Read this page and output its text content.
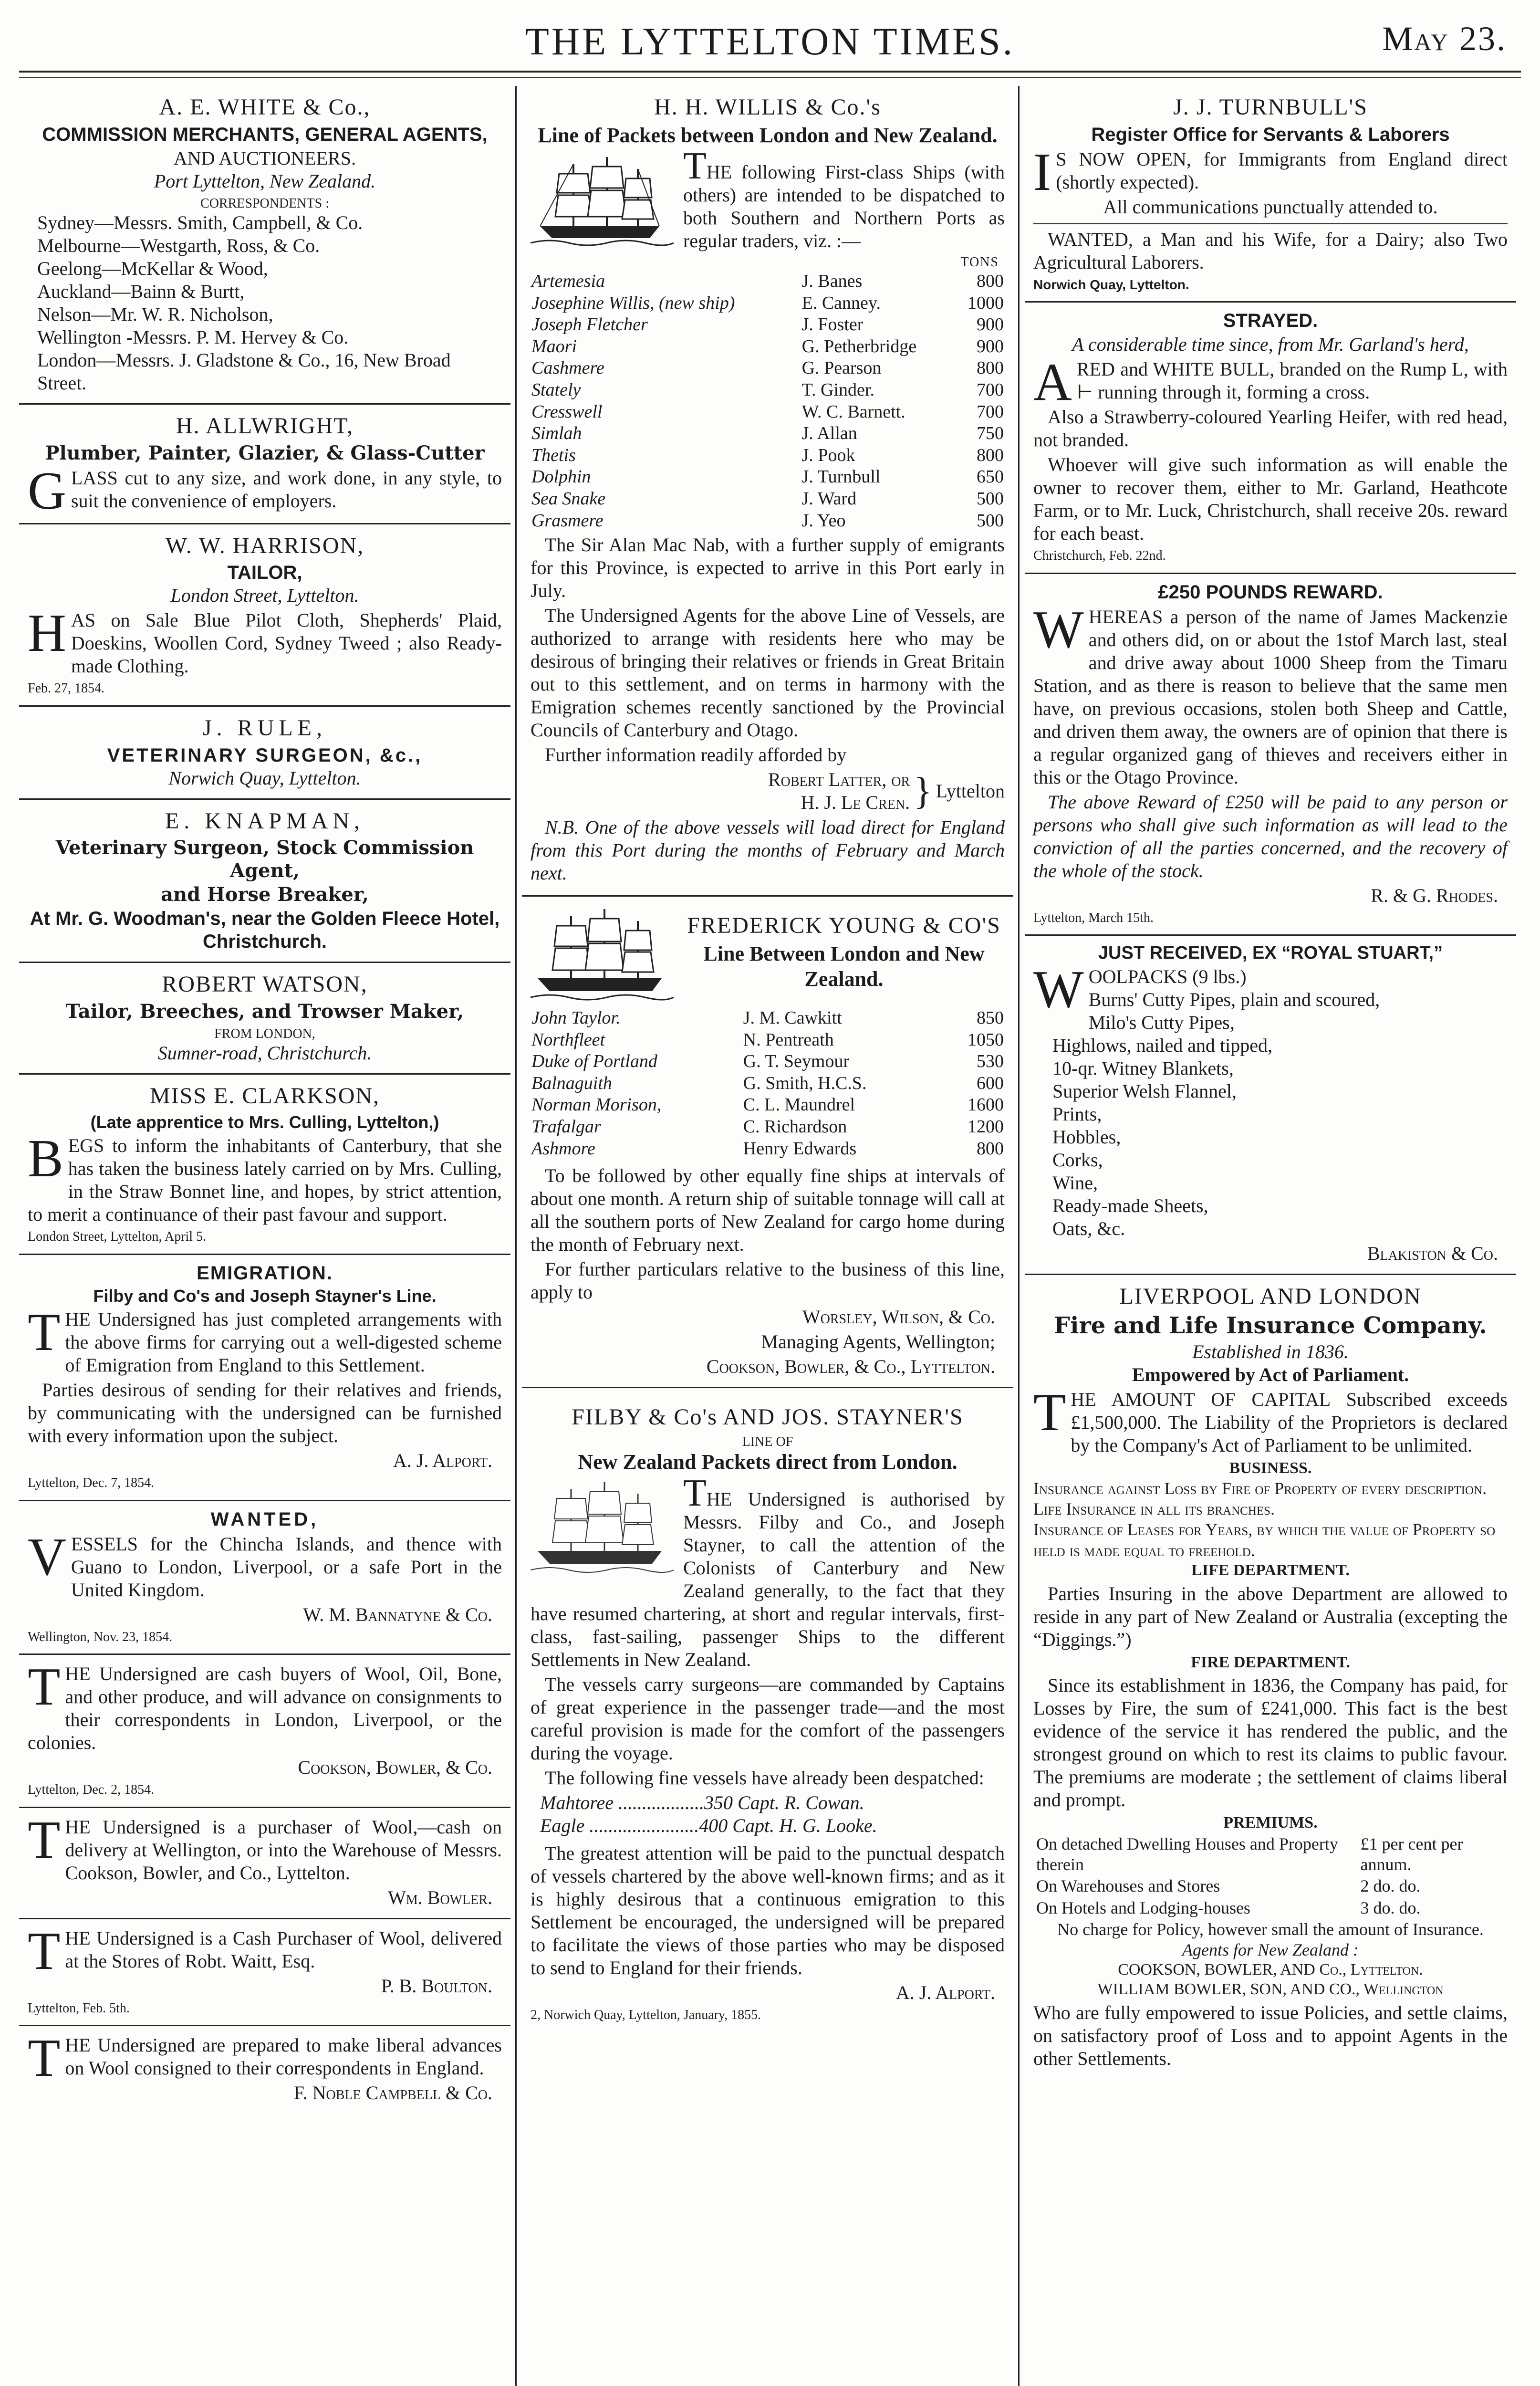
THE LYTTELTON TIMES.	May 23.
A. E. WHITE & Co.,
COMMISSION MERCHANTS, GENERAL AGENTS,
AND AUCTIONEERS.
Port Lyttelton, New Zealand.
CORRESPONDENTS :
Sydney—Messrs. Smith, Campbell, & Co.
Melbourne—Westgarth, Ross, & Co.
Geelong—McKellar & Wood,
Auckland—Bainn & Burtt,
Nelson—Mr. W. R. Nicholson,
Wellington -Messrs. P. M. Hervey & Co.
London—Messrs. J. Gladstone & Co., 16, New Broad Street.
H. ALLWRIGHT,
Plumber, Painter, Glazier, & Glass-Cutter
GLASS cut to any size, and work done, in any style, to suit the convenience of employers.
W. W. HARRISON,
TAILOR,
London Street, Lyttelton.
HAS on Sale Blue Pilot Cloth, Shepherds' Plaid, Doeskins, Woollen Cord, Sydney Tweed ; also Ready-made Clothing.
Feb. 27, 1854.
J. RULE,
VETERINARY SURGEON, &c.,
Norwich Quay, Lyttelton.
E. KNAPMAN,
Veterinary Surgeon, Stock Commission Agent,
and Horse Breaker,
At Mr. G. Woodman's, near the Golden Fleece Hotel, Christchurch.
ROBERT WATSON,
Tailor, Breeches, and Trowser Maker,
FROM LONDON,
Sumner-road, Christchurch.
MISS E. CLARKSON,
(Late apprentice to Mrs. Culling, Lyttelton,)
BEGS to inform the inhabitants of Canterbury, that she has taken the business lately carried on by Mrs. Culling, in the Straw Bonnet line, and hopes, by strict attention, to merit a continuance of their past favour and support.
London Street, Lyttelton, April 5.
EMIGRATION.
Filby and Co's and Joseph Stayner's Line.
THE Undersigned has just completed arrangements with the above firms for carrying out a well-digested scheme of Emigration from England to this Settlement.
Parties desirous of sending for their relatives and friends, by communicating with the undersigned can be furnished with every information upon the subject.
A. J. Alport.
Lyttelton, Dec. 7, 1854.
WANTED,
VESSELS for the Chincha Islands, and thence with Guano to London, Liverpool, or a safe Port in the United Kingdom.
W. M. Bannatyne & Co.
Wellington, Nov. 23, 1854.
THE Undersigned are cash buyers of Wool, Oil, Bone, and other produce, and will advance on consignments to their correspondents in London, Liverpool, or the colonies.
Cookson, Bowler, & Co.
Lyttelton, Dec. 2, 1854.
THE Undersigned is a purchaser of Wool,—cash on delivery at Wellington, or into the Warehouse of Messrs. Cookson, Bowler, and Co., Lyttelton.
Wm. Bowler.
THE Undersigned is a Cash Purchaser of Wool, delivered at the Stores of Robt. Waitt, Esq.
P. B. Boulton.
Lyttelton, Feb. 5th.
THE Undersigned are prepared to make liberal advances on Wool consigned to their correspondents in England.
F. Noble Campbell & Co.
H. H. WILLIS & Co.'s
Line of Packets between London and New Zealand.
THE following First-class Ships (with others) are intended to be dispatched to both Southern and Northern Ports as regular traders, viz. :—
TONS
Artemesia	J. Banes	800
Josephine Willis, (new ship)	E. Canney.	1000
Joseph Fletcher	J. Foster	900
Maori	G. Petherbridge	900
Cashmere	G. Pearson	800
Stately	T. Ginder.	700
Cresswell	W. C. Barnett.	700
Simlah	J. Allan	750
Thetis	J. Pook	800
Dolphin	J. Turnbull	650
Sea Snake	J. Ward	500
Grasmere	J. Yeo	500
The Sir Alan Mac Nab, with a further supply of emigrants for this Province, is expected to arrive in this Port early in July.
The Undersigned Agents for the above Line of Vessels, are authorized to arrange with residents here who may be desirous of bringing their relatives or friends in Great Britain out to this settlement, and on terms in harmony with the Emigration schemes recently sanctioned by the Provincial Councils of Canterbury and Otago.
Further information readily afforded by
Robert Latter, or
H. J. Le Cren. } Lyttelton
N.B. One of the above vessels will load direct for England from this Port during the months of February and March next.
FREDERICK YOUNG & CO'S
Line Between London and New Zealand.
John Taylor.	J. M. Cawkitt	850
Northfleet	N. Pentreath	1050
Duke of Portland	G. T. Seymour	530
Balnaguith	G. Smith, H.C.S.	600
Norman Morison,	C. L. Maundrel	1600
Trafalgar	C. Richardson	1200
Ashmore	Henry Edwards	800
To be followed by other equally fine ships at intervals of about one month. A return ship of suitable tonnage will call at all the southern ports of New Zealand for cargo home during the month of February next.
For further particulars relative to the business of this line, apply to
Worsley, Wilson, & Co.
Managing Agents, Wellington;
Cookson, Bowler, & Co., Lyttelton.
FILBY & Co's AND JOS. STAYNER'S
LINE OF
New Zealand Packets direct from London.
THE Undersigned is authorised by Messrs. Filby and Co., and Joseph Stayner, to call the attention of the Colonists of Canterbury and New Zealand generally, to the fact that they have resumed chartering, at short and regular intervals, first-class, fast-sailing, passenger Ships to the different Settlements in New Zealand.
The vessels carry surgeons—are commanded by Captains of great experience in the passenger trade—and the most careful provision is made for the comfort of the passengers during the voyage.
The following fine vessels have already been despatched:
Mahtoree ..................350 Capt. R. Cowan.
Eagle .......................400 Capt. H. G. Looke.
The greatest attention will be paid to the punctual despatch of vessels chartered by the above well-known firms; and as it is highly desirous that a continuous emigration to this Settlement be encouraged, the undersigned will be prepared to facilitate the views of those parties who may be disposed to send to England for their friends.
A. J. Alport.
2, Norwich Quay, Lyttelton, January, 1855.
J. J. TURNBULL'S
Register Office for Servants & Laborers
I S NOW OPEN, for Immigrants from England direct (shortly expected).
All communications punctually attended to.
WANTED, a Man and his Wife, for a Dairy; also Two Agricultural Laborers.
Norwich Quay, Lyttelton.
STRAYED.
A considerable time since, from Mr. Garland's herd,
ARED and WHITE BULL, branded on the Rump L, with ⊢ running through it, forming a cross.
Also a Strawberry-coloured Yearling Heifer, with red head, not branded.
Whoever will give such information as will enable the owner to recover them, either to Mr. Garland, Heathcote Farm, or to Mr. Luck, Christchurch, shall receive 20s. reward for each beast.
Christchurch, Feb. 22nd.
£250 POUNDS REWARD.
WHEREAS a person of the name of James Mackenzie and others did, on or about the 1stof March last, steal and drive away about 1000 Sheep from the Timaru Station, and as there is reason to believe that the same men have, on previous occasions, stolen both Sheep and Cattle, and driven them away, the owners are of opinion that there is a regular organized gang of thieves and receivers either in this or the Otago Province.
The above Reward of £250 will be paid to any person or persons who shall give such information as will lead to the conviction of all the parties concerned, and the recovery of the whole of the stock.
R. & G. Rhodes.
Lyttelton, March 15th.
JUST RECEIVED, EX “ROYAL STUART,”
WOOLPACKS (9 lbs.)
Burns' Cutty Pipes, plain and scoured,
Milo's Cutty Pipes,
Highlows, nailed and tipped,
10-qr. Witney Blankets,
Superior Welsh Flannel,
Prints,
Hobbles,
Corks,
Wine,
Ready-made Sheets,
Oats, &c.
Blakiston & Co.
LIVERPOOL AND LONDON
Fire and Life Insurance Company.
Established in 1836.
Empowered by Act of Parliament.
THE AMOUNT OF CAPITAL Subscribed exceeds £1,500,000. The Liability of the Proprietors is declared by the Company's Act of Parliament to be unlimited.
BUSINESS.
Insurance against Loss by Fire of Property of every description.
Life Insurance in all its branches.
Insurance of Leases for Years, by which the value of Property so held is made equal to freehold.
LIFE DEPARTMENT.
Parties Insuring in the above Department are allowed to reside in any part of New Zealand or Australia (excepting the “Diggings.”)
FIRE DEPARTMENT.
Since its establishment in 1836, the Company has paid, for Losses by Fire, the sum of £241,000. This fact is the best evidence of the service it has rendered the public, and the strongest ground on which to rest its claims to public favour. The premiums are moderate ; the settlement of claims liberal and prompt.
PREMIUMS.
On detached Dwelling Houses and Property therein	£1 per cent per annum.
On Warehouses and Stores	2 do. do.
On Hotels and Lodging-houses	3 do. do.
No charge for Policy, however small the amount of Insurance.
Agents for New Zealand :
COOKSON, BOWLER, AND Co., Lyttelton.
WILLIAM BOWLER, SON, AND CO., Wellington
Who are fully empowered to issue Policies, and settle claims, on satisfactory proof of Loss and to appoint Agents in the other Settlements.
